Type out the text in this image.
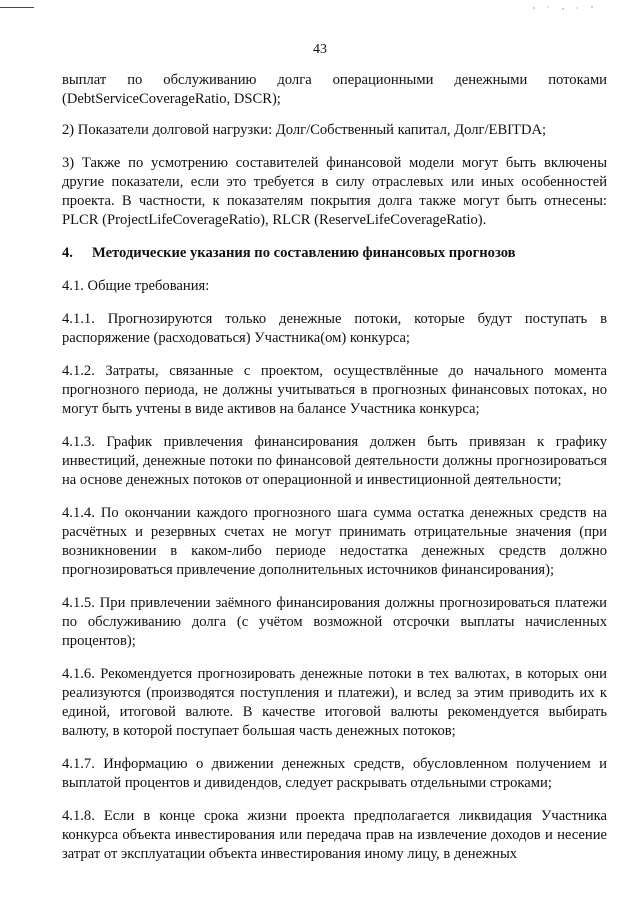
43

выплат по обслуживанию долга операционными денежными потоками (DebtServiceCoverageRatio, DSCR);

2) Показатели долговой нагрузки: Долг/Собственный капитал, Долг/EBITDA;

3) Также по усмотрению составителей финансовой модели могут быть включены другие показатели, если это требуется в силу отраслевых или иных особенностей проекта. В частности, к показателям покрытия долга также могут быть отнесены: PLCR (ProjectLifeCoverageRatio), RLCR (ReserveLifeCoverageRatio).

4. Методические указания по составлению финансовых прогнозов

4.1. Общие требования:

4.1.1. Прогнозируются только денежные потоки, которые будут поступать в распоряжение (расходоваться) Участника(ом) конкурса;

4.1.2. Затраты, связанные с проектом, осуществлённые до начального момента прогнозного периода, не должны учитываться в прогнозных финансовых потоках, но могут быть учтены в виде активов на балансе Участника конкурса;

4.1.3. График привлечения финансирования должен быть привязан к графику инвестиций, денежные потоки по финансовой деятельности должны прогнозироваться на основе денежных потоков от операционной и инвестиционной деятельности;

4.1.4. По окончании каждого прогнозного шага сумма остатка денежных средств на расчётных и резервных счетах не могут принимать отрицательные значения (при возникновении в каком-либо периоде недостатка денежных средств должно прогнозироваться привлечение дополнительных источников финансирования);

4.1.5. При привлечении заёмного финансирования должны прогнозироваться платежи по обслуживанию долга (с учётом возможной отсрочки выплаты начисленных процентов);

4.1.6. Рекомендуется прогнозировать денежные потоки в тех валютах, в которых они реализуются (производятся поступления и платежи), и вслед за этим приводить их к единой, итоговой валюте. В качестве итоговой валюты рекомендуется выбирать валюту, в которой поступает большая часть денежных потоков;

4.1.7. Информацию о движении денежных средств, обусловленном получением и выплатой процентов и дивидендов, следует раскрывать отдельными строками;

4.1.8. Если в конце срока жизни проекта предполагается ликвидация Участника конкурса объекта инвестирования или передача прав на извлечение доходов и несение затрат от эксплуатации объекта инвестирования иному лицу, в денежных
